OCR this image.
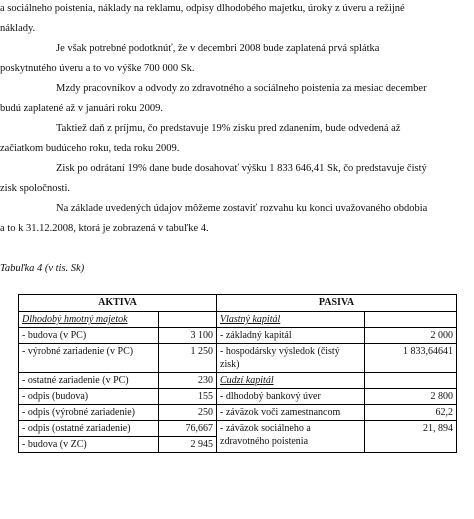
a sociálneho poistenia, náklady na reklamu, odpisy dlhodobého majetku, úroky z úveru a režijné
náklady.
Je však potrebné podotknúť, že v decembri 2008 bude zaplatená prvá splátka
poskytnutého úveru a to vo výške 700 000 Sk.
Mzdy pracovníkov a odvody zo zdravotného a sociálneho poistenia za mesiac december
budú zaplatené až v januári roku 2009.
Taktiež daň z príjmu, čo predstavuje 19% zisku pred zdanením, bude odvedená až
začiatkom budúceho roku, teda roku 2009.
Zisk po odrátaní 19% dane bude dosahovať výšku 1 833 646,41 Sk, čo predstavuje čistý
zisk spoločnosti.
Na základe uvedených údajov môžeme zostaviť rozvahu ku konci uvažovaného obdobia
a to k 31.12.2008, ktorá je zobrazená v tabuľke 4.
Tabuľka 4 (v tis. Sk)
AKTIVA		PASIVA	
Dlhodobý hmotný majetok		Vlastný kapitál	
- budova (v PC)	3 100	- základný kapitál	2 000
- výrobné zariadenie (v PC)	1 250	- hospodársky výsledok (čistý zisk)	1 833,64641
- ostatné zariadenie (v PC)	230	Cudzí kapitál	
- odpis (budova)	155	- dlhodobý bankový úver	2 800
- odpis (výrobné zariadenie)	250	- záväzok voči zamestnancom	62,2
- odpis (ostatné zariadenie)	76,667	- záväzok sociálneho a zdravotného poistenia	21, 894
- budova (v ZC)	2 945		
